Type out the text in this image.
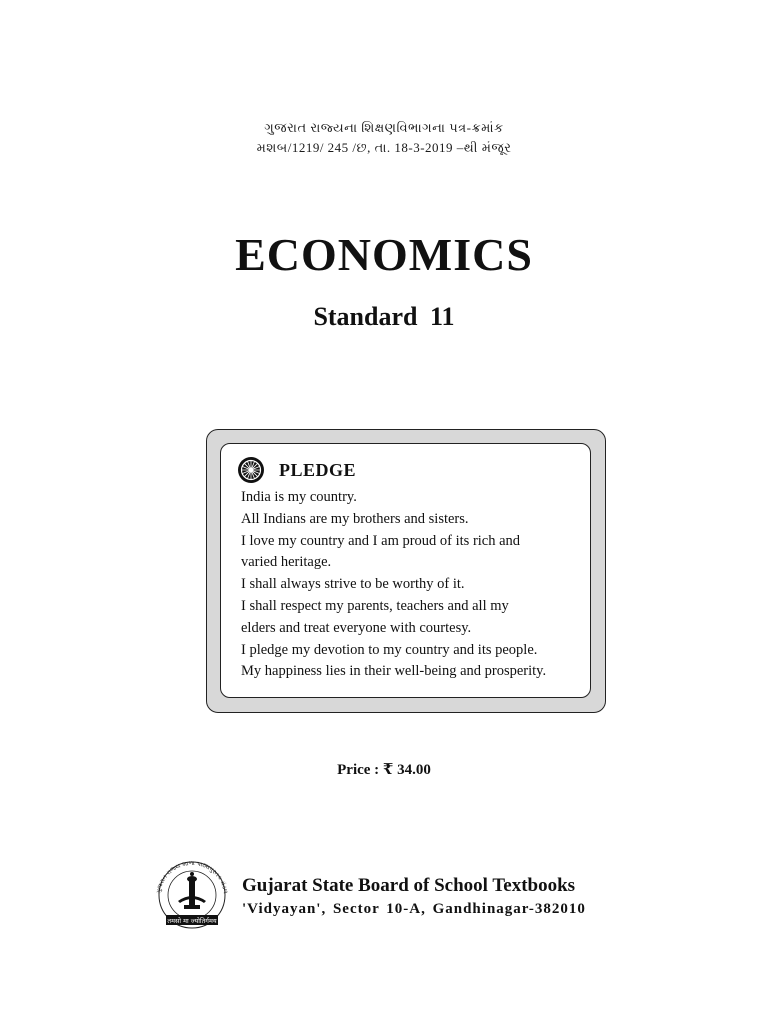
ગુજરાત રાજ્યના શિક્ષણવિભાગના પત્ર-ક્રમાંક
મશબ/1219/ 245 /છ, તા. 18-3-2019 –થી મંજૂર
ECONOMICS
Standard 11
PLEDGE
India is my country.
All Indians are my brothers and sisters.
I love my country and I am proud of its rich and
varied heritage.
I shall always strive to be worthy of it.
I shall respect my parents, teachers and all my
elders and treat everyone with courtesy.
I pledge my devotion to my country and its people.
My happiness lies in their well-being and prosperity.
Price : ₹ 34.00
ગુજરાત રાજ્ય શાળા પાઠ્યપુસ્તક મંડળ
तमसो मा ज्योतिर्गमय
Gujarat State Board of School Textbooks
'Vidyayan', Sector 10-A, Gandhinagar-382010
